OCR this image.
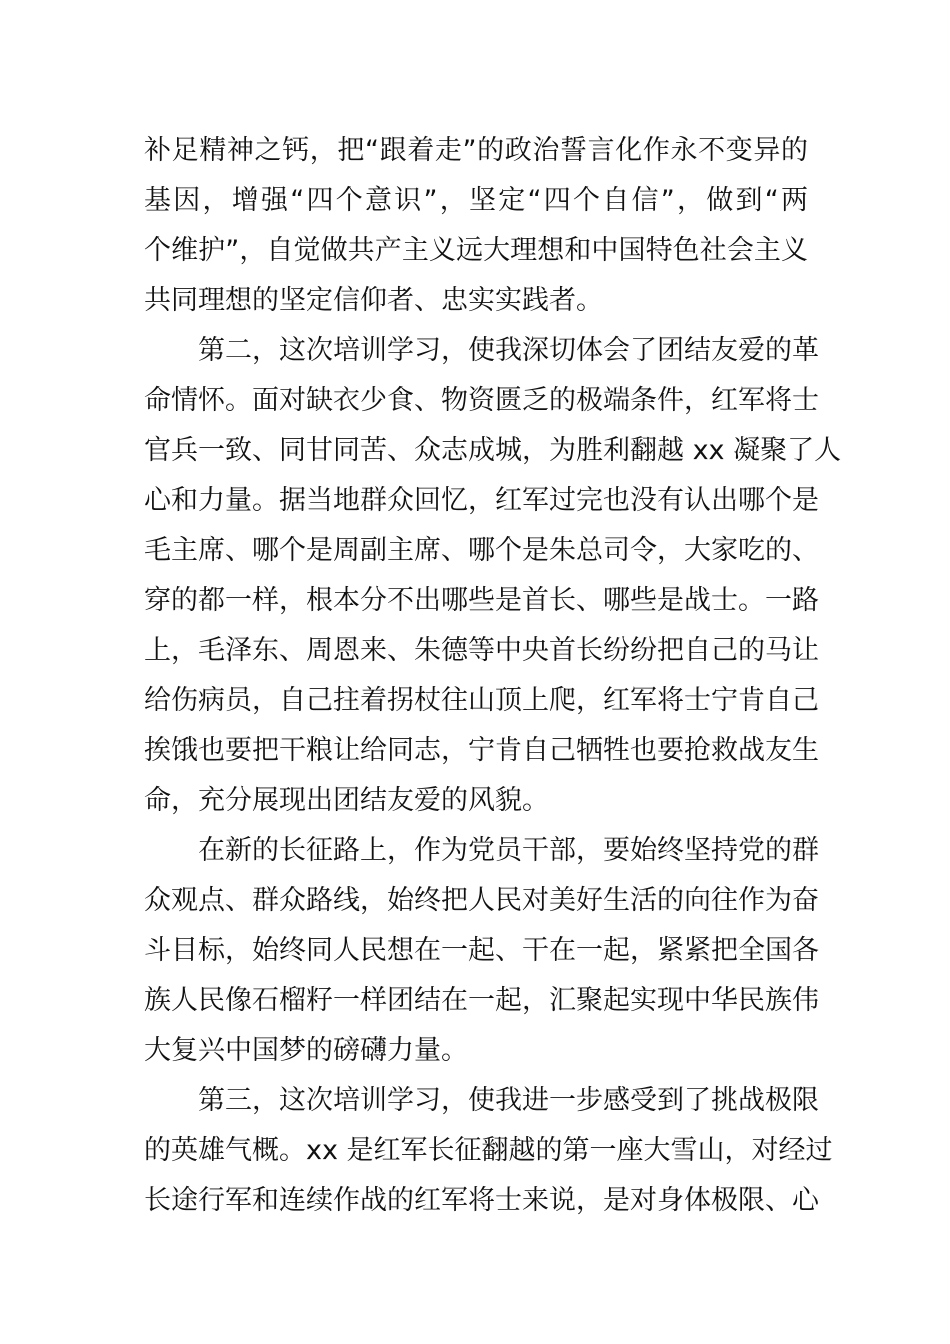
补足精神之钙，把“跟着走”的政治誓言化作永不变异的
基因，增强“四个意识”，坚定“四个自信”，做到“两
个维护”，自觉做共产主义远大理想和中国特色社会主义
共同理想的坚定信仰者、忠实实践者。
第二，这次培训学习，使我深切体会了团结友爱的革
命情怀。面对缺衣少食、物资匮乏的极端条件，红军将士
官兵一致、同甘同苦、众志成城，为胜利翻越 xx 凝聚了人
心和力量。据当地群众回忆，红军过完也没有认出哪个是
毛主席、哪个是周副主席、哪个是朱总司令，大家吃的、
穿的都一样，根本分不出哪些是首长、哪些是战士。一路
上，毛泽东、周恩来、朱德等中央首长纷纷把自己的马让
给伤病员，自己拄着拐杖往山顶上爬，红军将士宁肯自己
挨饿也要把干粮让给同志，宁肯自己牺牲也要抢救战友生
命，充分展现出团结友爱的风貌。
在新的长征路上，作为党员干部，要始终坚持党的群
众观点、群众路线，始终把人民对美好生活的向往作为奋
斗目标，始终同人民想在一起、干在一起，紧紧把全国各
族人民像石榴籽一样团结在一起，汇聚起实现中华民族伟
大复兴中国梦的磅礴力量。
第三，这次培训学习，使我进一步感受到了挑战极限
的英雄气概。xx 是红军长征翻越的第一座大雪山，对经过
长途行军和连续作战的红军将士来说，是对身体极限、心
